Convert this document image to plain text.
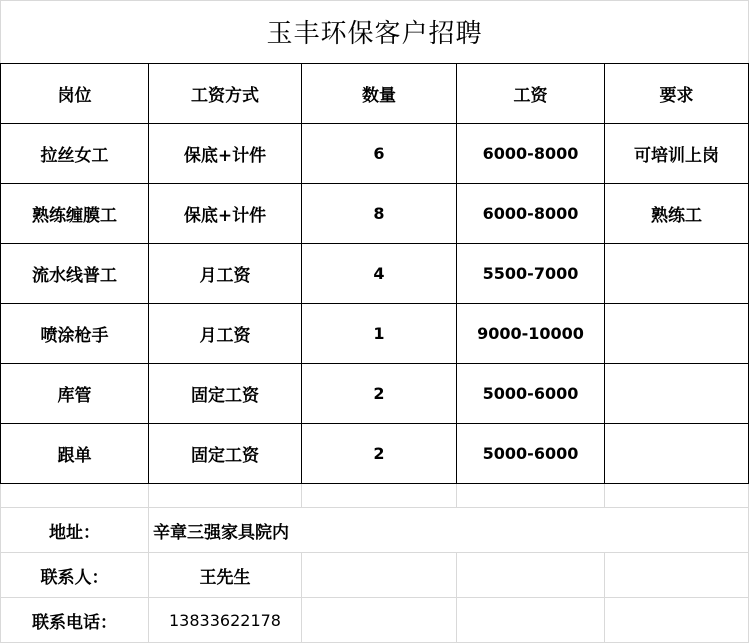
玉丰环保客户招聘
岗位	工资方式	数量	工资	要求
拉丝女工	保底+计件	6	6000-8000	可培训上岗
熟练缠膜工	保底+计件	8	6000-8000	熟练工
流水线普工	月工资	4	5500-7000
喷涂枪手	月工资	1	9000-10000
库管	固定工资	2	5000-6000
跟单	固定工资	2	5000-6000
地址：	辛章三强家具院内
联系人：	王先生
联系电话：	13833622178
